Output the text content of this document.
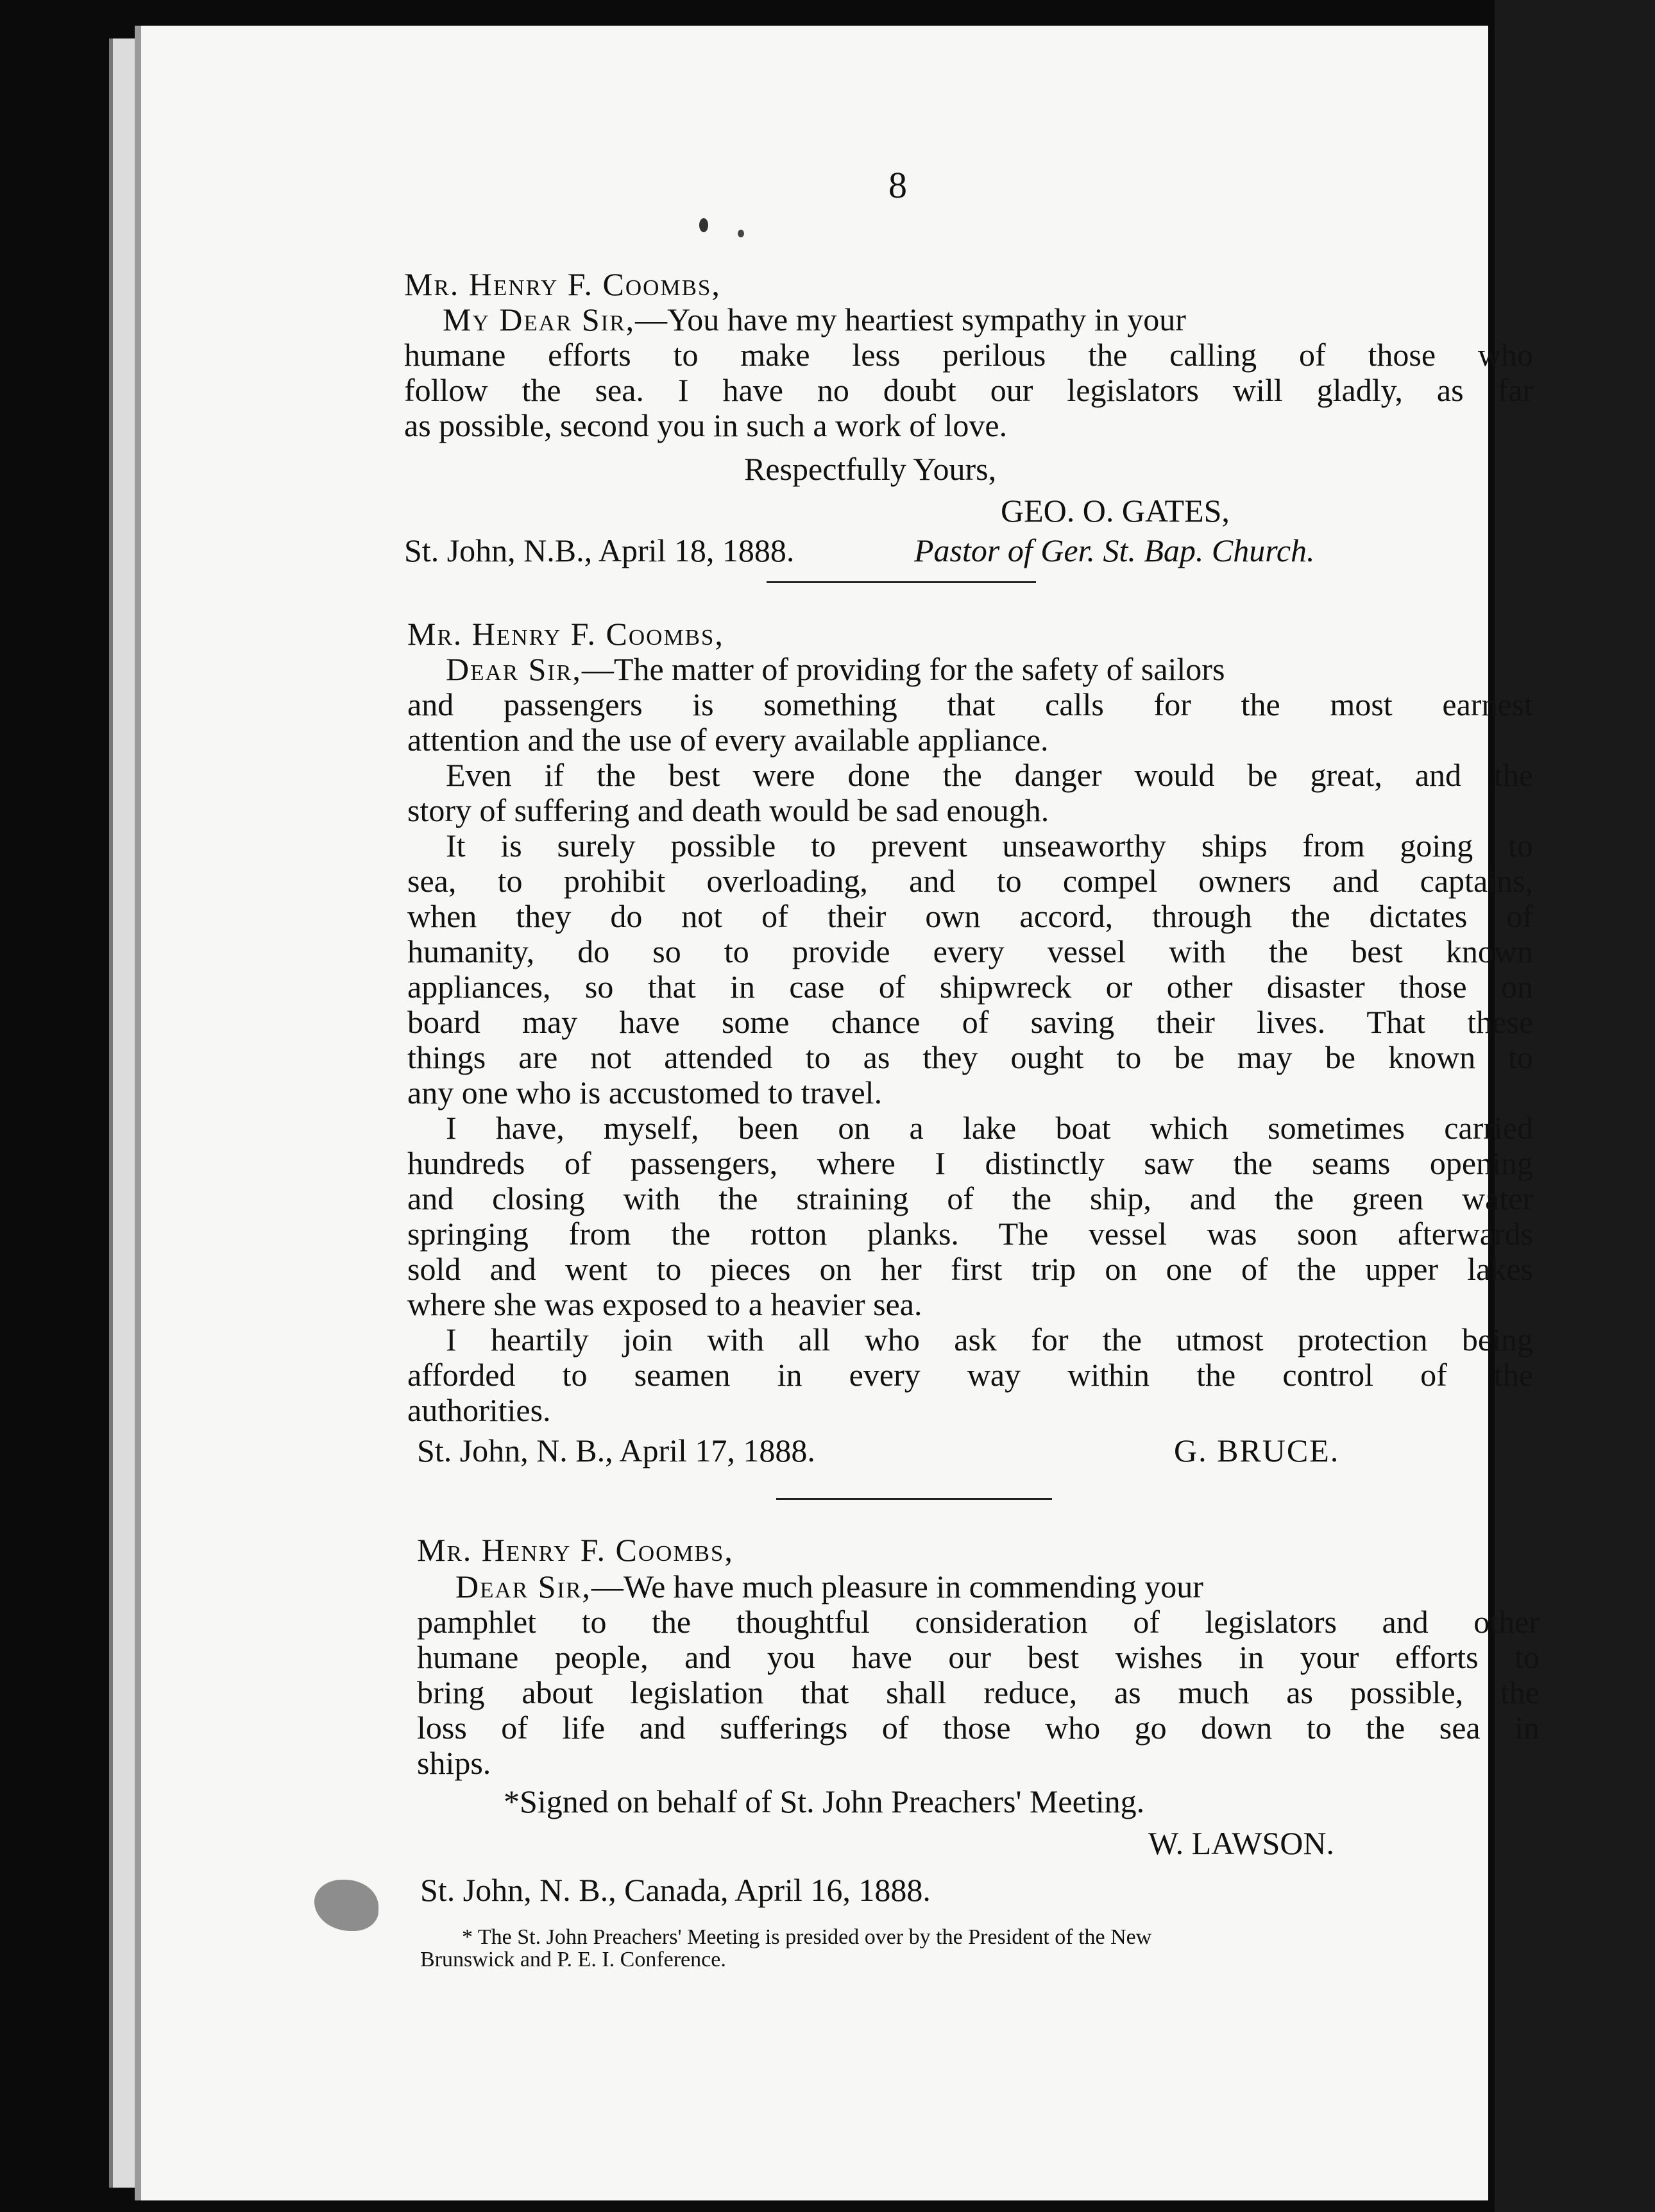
8
Mr. Henry F. Coombs,
My Dear Sir,—You have my heartiest sympathy in your
humane efforts to make less perilous the calling of those who
follow the sea. I have no doubt our legislators will gladly, as far
as possible, second you in such a work of love.
Respectfully Yours,
GEO. O. GATES,
St. John, N.B., April 18, 1888.	Pastor of Ger. St. Bap. Church.
Mr. Henry F. Coombs,
Dear Sir,—The matter of providing for the safety of sailors
and passengers is something that calls for the most earnest
attention and the use of every available appliance.
Even if the best were done the danger would be great, and the
story of suffering and death would be sad enough.
It is surely possible to prevent unseaworthy ships from going to
sea, to prohibit overloading, and to compel owners and captains,
when they do not of their own accord, through the dictates of
humanity, do so to provide every vessel with the best known
appliances, so that in case of shipwreck or other disaster those on
board may have some chance of saving their lives. That these
things are not attended to as they ought to be may be known to
any one who is accustomed to travel.
I have, myself, been on a lake boat which sometimes carried
hundreds of passengers, where I distinctly saw the seams opening
and closing with the straining of the ship, and the green water
springing from the rotton planks. The vessel was soon afterwards
sold and went to pieces on her first trip on one of the upper lakes
where she was exposed to a heavier sea.
I heartily join with all who ask for the utmost protection being
afforded to seamen in every way within the control of the
authorities.
St. John, N. B., April 17, 1888.	G. BRUCE.
Mr. Henry F. Coombs,
Dear Sir,—We have much pleasure in commending your
pamphlet to the thoughtful consideration of legislators and other
humane people, and you have our best wishes in your efforts to
bring about legislation that shall reduce, as much as possible, the
loss of life and sufferings of those who go down to the sea in
ships.
*Signed on behalf of St. John Preachers' Meeting.
W. LAWSON.
St. John, N. B., Canada, April 16, 1888.
* The St. John Preachers' Meeting is presided over by the President of the New
Brunswick and P. E. I. Conference.
